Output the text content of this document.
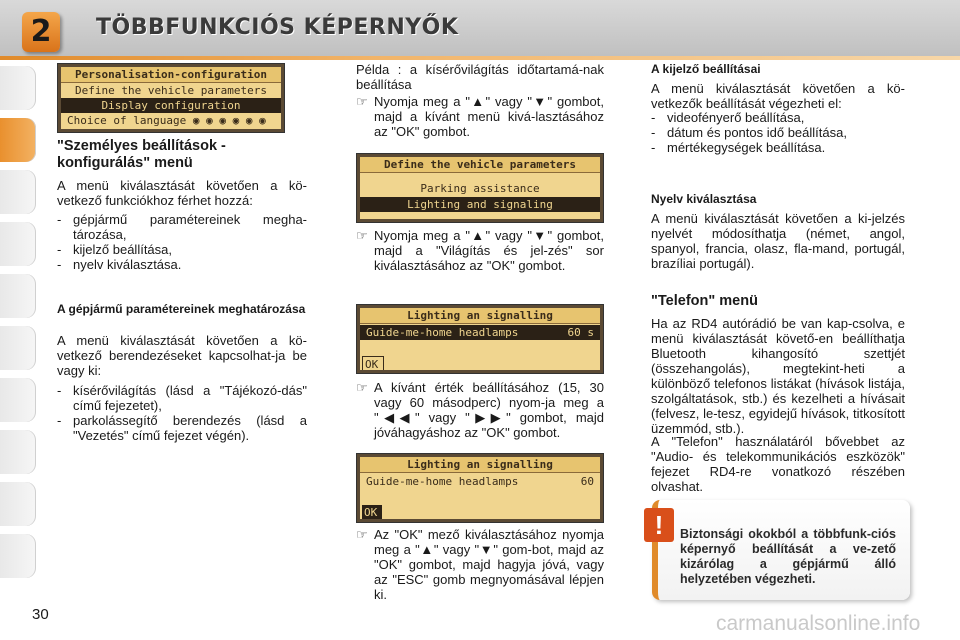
2	TÖBBFUNKCIÓS KÉPERNYŐK
Personalisation-configuration
Define the vehicle parameters
Display configuration
Choice of language ◉ ◉ ◉ ◉ ◉ ◉
"Személyes beállítások - konfigurálás" menü
A menü kiválasztását követően a kö-vetkező funkciókhoz férhet hozzá:
- gépjármű paramétereinek megha-tározása,
- kijelző beállítása,
- nyelv kiválasztása.
A gépjármű paramétereinek meghatározása
A menü kiválasztását követően a kö-vetkező berendezéseket kapcsolhat-ja be vagy ki:
- kísérővilágítás (lásd a "Tájékozó-dás" című fejezetet),
- parkolássegítő berendezés (lásd a "Vezetés" című fejezet végén).
Példa : a kísérővilágítás időtartamá-nak beállítása
☞ Nyomja meg a "▲" vagy "▼" gombot, majd a kívánt menü kivá-lasztásához az "OK" gombot.
Define the vehicle parameters
Parking assistance
Lighting and signaling
☞ Nyomja meg a "▲" vagy "▼" gombot, majd a "Világítás és jel-zés" sor kiválasztásához az "OK" gombot.
Lighting an signalling
Guide-me-home headlamps	60 s
OK
☞ A kívánt érték beállításához (15, 30 vagy 60 másodperc) nyom-ja meg a "◀◀" vagy "▶▶" gombot, majd jóváhagyáshoz az "OK" gombot.
Lighting an signalling
Guide-me-home headlamps	60
OK
☞ Az "OK" mező kiválasztásához nyomja meg a "▲" vagy "▼" gom-bot, majd az "OK" gombot, majd hagyja jóvá, vagy az "ESC" gomb megnyomásával lépjen ki.
A kijelző beállításai
A menü kiválasztását követően a kö-vetkezők beállítását végezheti el:
- videofényerő beállítása,
- dátum és pontos idő beállítása,
- mértékegységek beállítása.
Nyelv kiválasztása
A menü kiválasztását követően a ki-jelzés nyelvét módosíthatja (német, angol, spanyol, francia, olasz, fla-mand, portugál, brazíliai portugál).
"Telefon" menü
Ha az RD4 autórádió be van kap-csolva, e menü kiválasztását követő-en beállíthatja Bluetooth kihangosító szettjét (összehangolás), megtekint-heti a különböző telefonos listákat (hívások listája, szolgáltatások, stb.) és kezelheti a hívásait (felvesz, le-tesz, egyidejű hívások, titkosított üzemmód, stb.).
A "Telefon" használatáról bővebbet az "Audio- és telekommunikációs eszközök" fejezet RD4-re vonatkozó részében olvashat.
!	Biztonsági okokból a többfunk-ciós képernyő beállítását a ve-zető kizárólag a gépjármű álló helyzetében végezheti.
30	carmanualsonline.info
